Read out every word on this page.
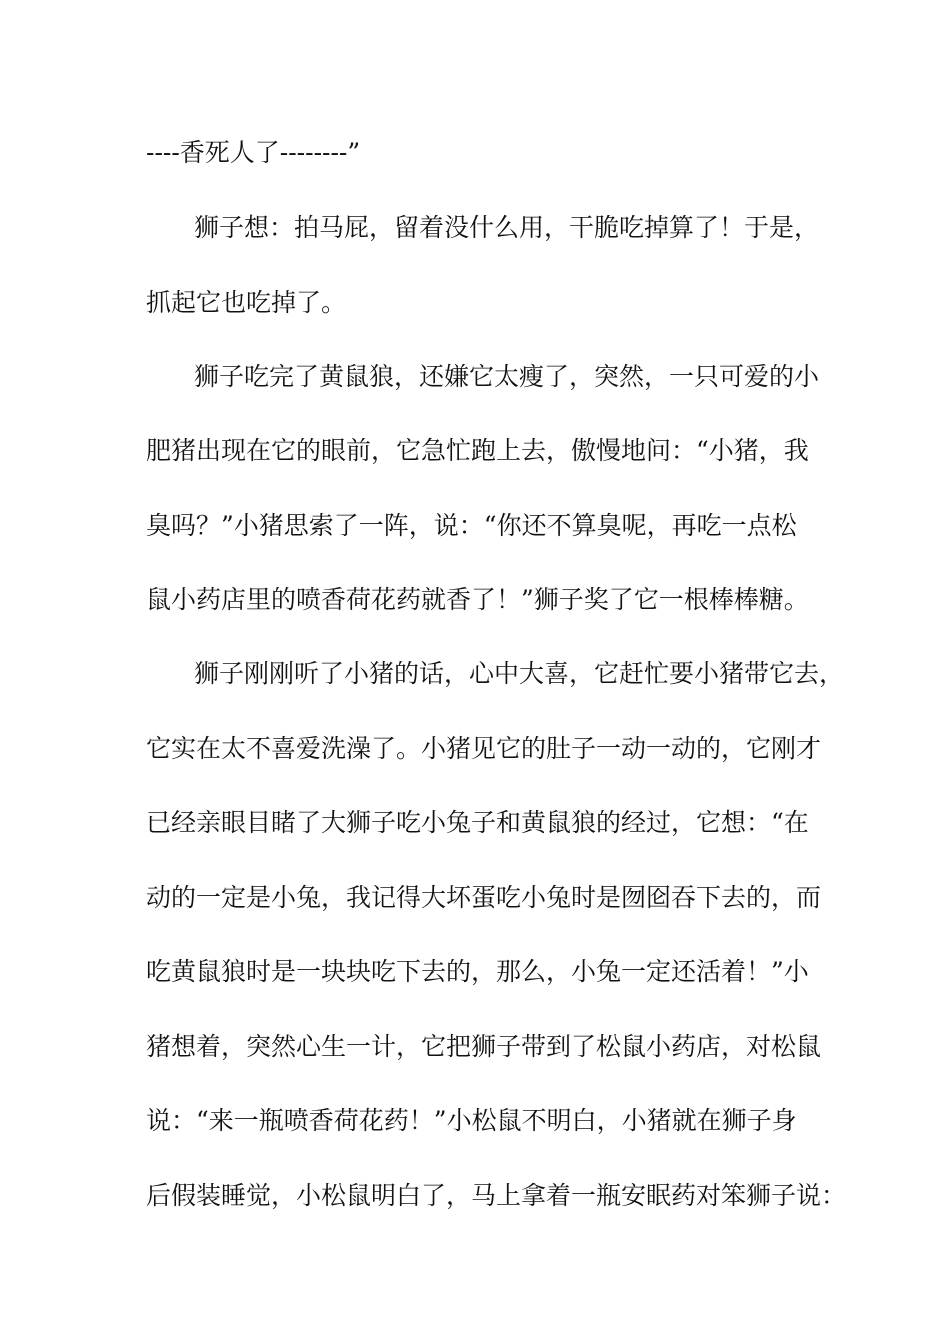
----香死人了--------”
狮子想：拍马屁，留着没什么用，干脆吃掉算了！于是，
抓起它也吃掉了。
狮子吃完了黄鼠狼，还嫌它太瘦了，突然，一只可爱的小
肥猪出现在它的眼前，它急忙跑上去，傲慢地问：“小猪，我
臭吗？”小猪思索了一阵，说：“你还不算臭呢，再吃一点松
鼠小药店里的喷香荷花药就香了！”狮子奖了它一根棒棒糖。
狮子刚刚听了小猪的话，心中大喜，它赶忙要小猪带它去，
它实在太不喜爱洗澡了。小猪见它的肚子一动一动的，它刚才
已经亲眼目睹了大狮子吃小兔子和黄鼠狼的经过，它想：“在
动的一定是小兔，我记得大坏蛋吃小兔时是囫囵吞下去的，而
吃黄鼠狼时是一块块吃下去的，那么，小兔一定还活着！”小
猪想着，突然心生一计，它把狮子带到了松鼠小药店，对松鼠
说：“来一瓶喷香荷花药！”小松鼠不明白，小猪就在狮子身
后假装睡觉，小松鼠明白了，马上拿着一瓶安眠药对笨狮子说：
